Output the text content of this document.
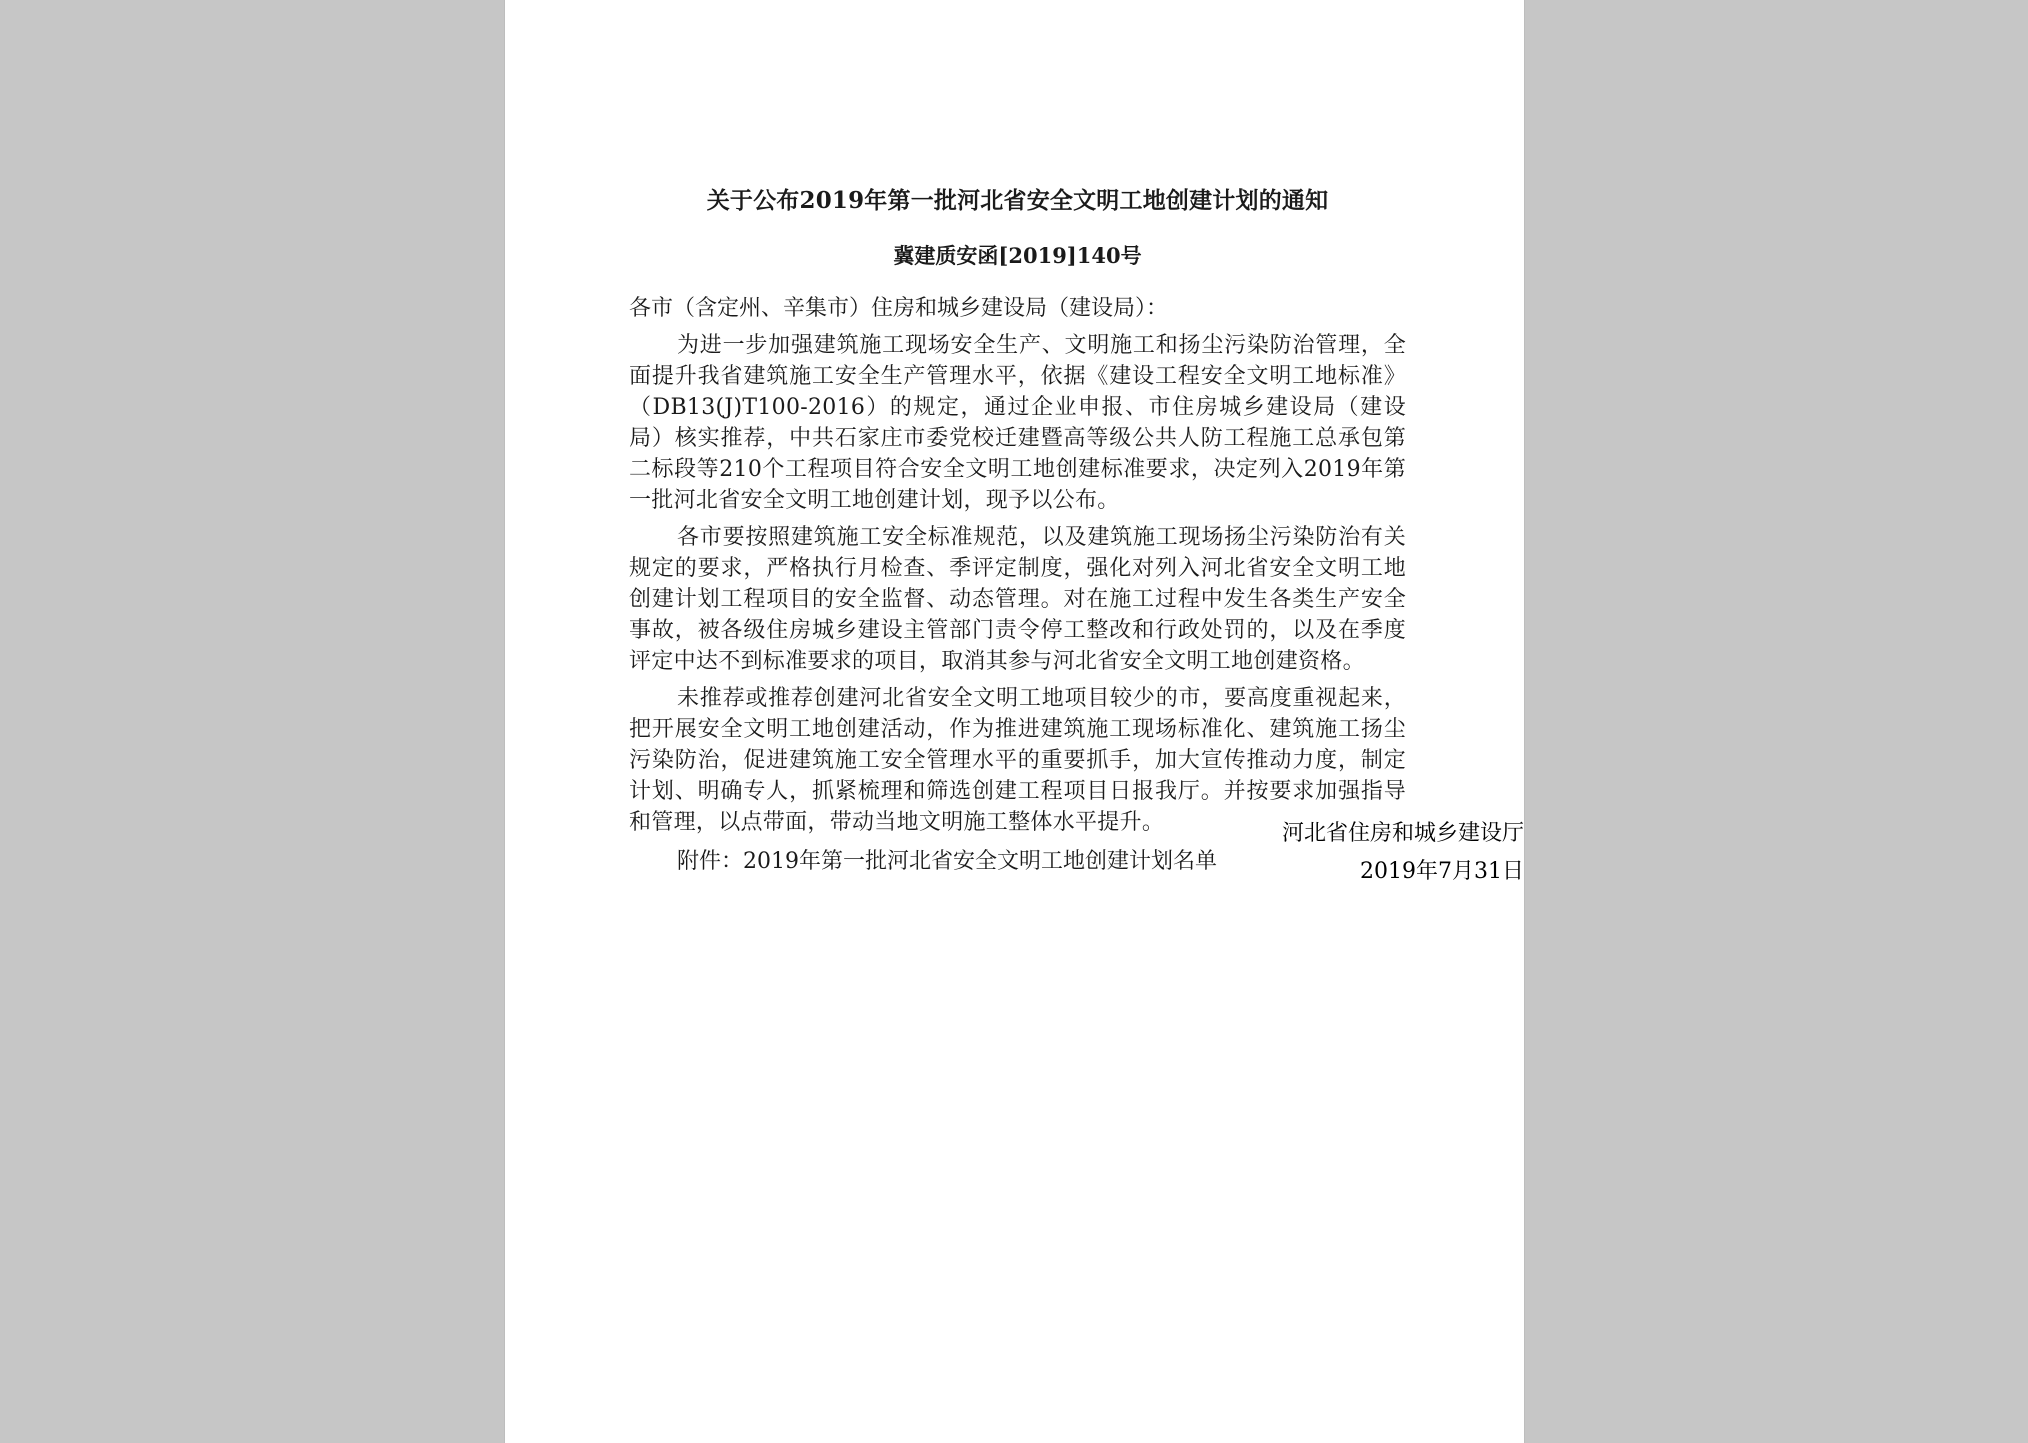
关于公布2019年第一批河北省安全文明工地创建计划的通知

冀建质安函[2019]140号

各市（含定州、辛集市）住房和城乡建设局（建设局）：

为进一步加强建筑施工现场安全生产、文明施工和扬尘污染防治管理，全面提升我省建筑施工安全生产管理水平，依据《建设工程安全文明工地标准》（DB13(J)T100-2016）的规定，通过企业申报、市住房城乡建设局（建设局）核实推荐，中共石家庄市委党校迁建暨高等级公共人防工程施工总承包第二标段等210个工程项目符合安全文明工地创建标准要求，决定列入2019年第一批河北省安全文明工地创建计划，现予以公布。

各市要按照建筑施工安全标准规范，以及建筑施工现场扬尘污染防治有关规定的要求，严格执行月检查、季评定制度，强化对列入河北省安全文明工地创建计划工程项目的安全监督、动态管理。对在施工过程中发生各类生产安全事故，被各级住房城乡建设主管部门责令停工整改和行政处罚的，以及在季度评定中达不到标准要求的项目，取消其参与河北省安全文明工地创建资格。

未推荐或推荐创建河北省安全文明工地项目较少的市，要高度重视起来，把开展安全文明工地创建活动，作为推进建筑施工现场标准化、建筑施工扬尘污染防治，促进建筑施工安全管理水平的重要抓手，加大宣传推动力度，制定计划、明确专人，抓紧梳理和筛选创建工程项目日报我厅。并按要求加强指导和管理，以点带面，带动当地文明施工整体水平提升。

附件：2019年第一批河北省安全文明工地创建计划名单

河北省住房和城乡建设厅
2019年7月31日
